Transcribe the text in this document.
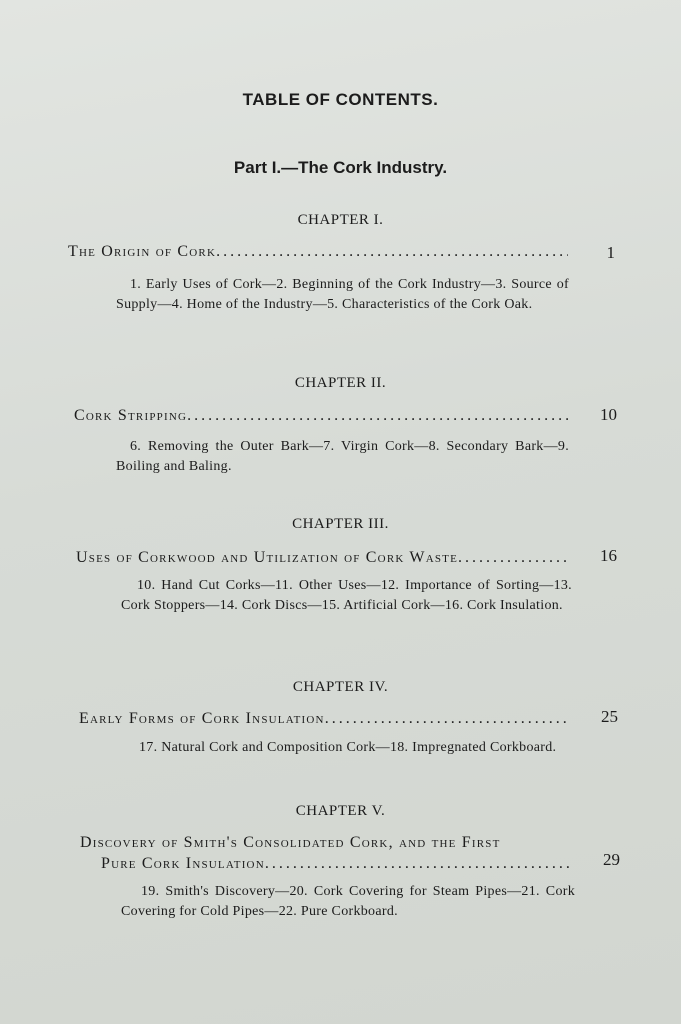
TABLE OF CONTENTS.
Part I.—The Cork Industry.
CHAPTER I.
The Origin of Cork .....	1
1. Early Uses of Cork—2. Beginning of the Cork Industry—3. Source of Supply—4. Home of the Industry—5. Characteristics of the Cork Oak.
CHAPTER II.
Cork Stripping .....	10
6. Removing the Outer Bark—7. Virgin Cork—8. Secondary Bark—9. Boiling and Baling.
CHAPTER III.
Uses of Corkwood and Utilization of Cork Waste .....	16
10. Hand Cut Corks—11. Other Uses—12. Importance of Sorting—13. Cork Stoppers—14. Cork Discs—15. Artificial Cork—16. Cork Insulation.
CHAPTER IV.
Early Forms of Cork Insulation .....	25
17. Natural Cork and Composition Cork—18. Impregnated Corkboard.
CHAPTER V.
Discovery of Smith's Consolidated Cork, and the First
Pure Cork Insulation .....	29
19. Smith's Discovery—20. Cork Covering for Steam Pipes—21. Cork Covering for Cold Pipes—22. Pure Corkboard.
